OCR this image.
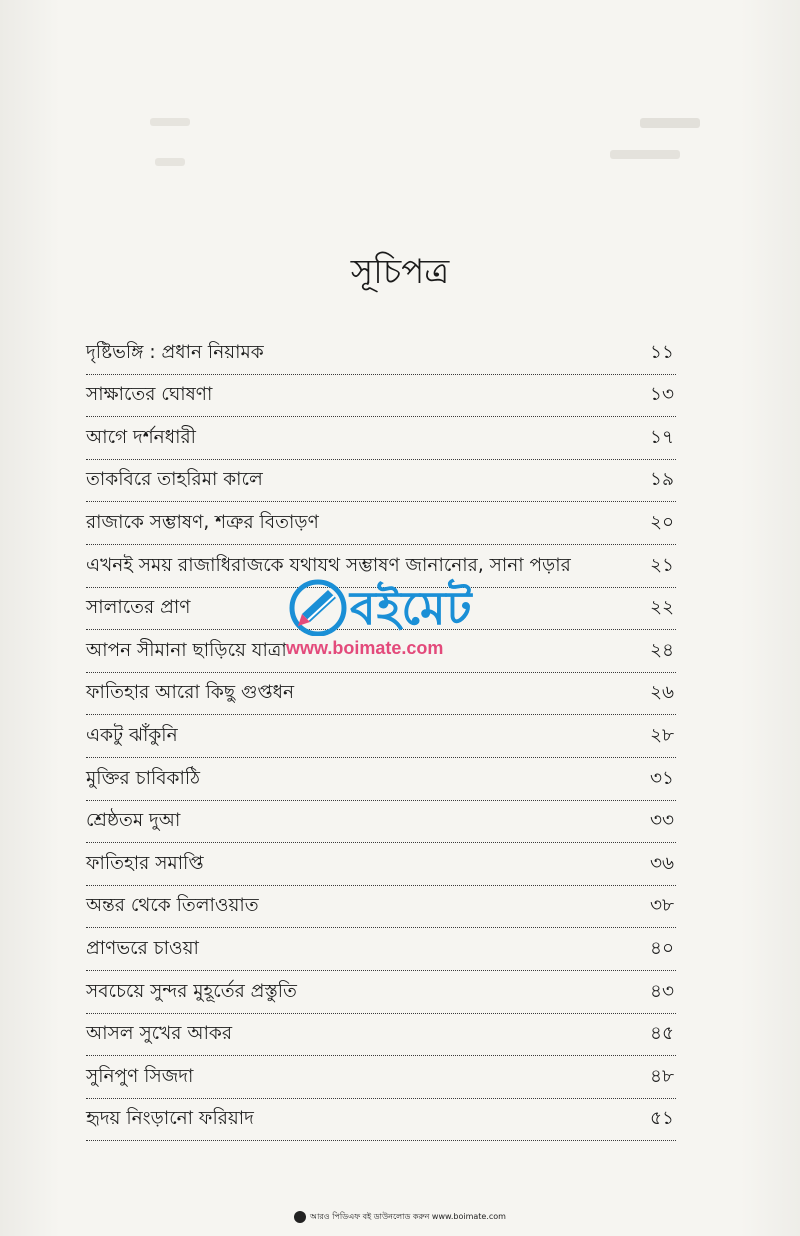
সূচিপত্র
দৃষ্টিভঙ্গি : প্রধান নিয়ামক	১১
সাক্ষাতের ঘোষণা	১৩
আগে দর্শনধারী	১৭
তাকবিরে তাহরিমা কালে	১৯
রাজাকে সম্ভাষণ, শত্রুর বিতাড়ণ	২০
এখনই সময় রাজাধিরাজকে যথাযথ সম্ভাষণ জানানোর, সানা পড়ার	২১
সালাতের প্রাণ	২২
আপন সীমানা ছাড়িয়ে যাত্রা	২৪
ফাতিহার আরো কিছু গুপ্তধন	২৬
একটু ঝাঁকুনি	২৮
মুক্তির চাবিকাঠি	৩১
শ্রেষ্ঠতম দুআ	৩৩
ফাতিহার সমাপ্তি	৩৬
অন্তর থেকে তিলাওয়াত	৩৮
প্রাণভরে চাওয়া	৪০
সবচেয়ে সুন্দর মুহূর্তের প্রস্তুতি	৪৩
আসল সুখের আকর	৪৫
সুনিপুণ সিজদা	৪৮
হৃদয় নিংড়ানো ফরিয়াদ	৫১
বইমেট
www.boimate.com
আরও পিডিএফ বই ডাউনলোড করুন www.boimate.com
